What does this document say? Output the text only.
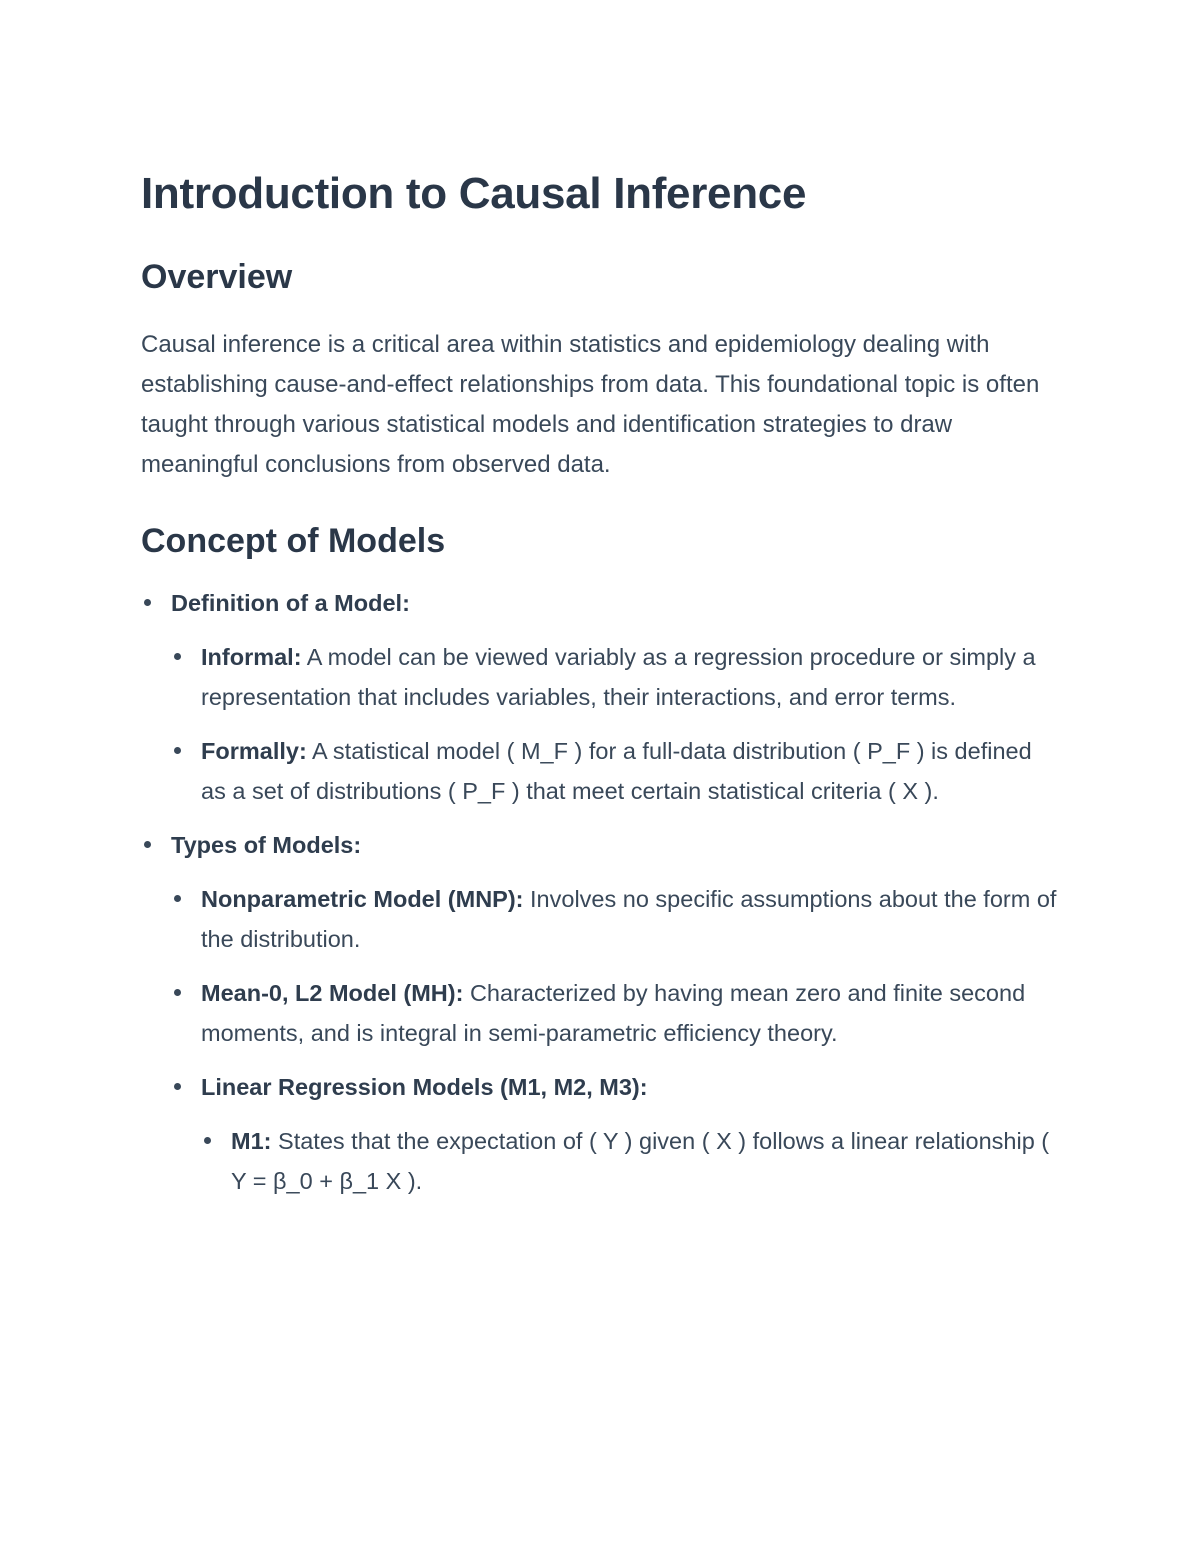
Introduction to Causal Inference
Overview

Causal inference is a critical area within statistics and epidemiology dealing with establishing cause-and-effect relationships from data. This foundational topic is often taught through various statistical models and identification strategies to draw meaningful conclusions from observed data.

Concept of Models
Definition of a Model:
Informal: A model can be viewed variably as a regression procedure or simply a representation that includes variables, their interactions, and error terms.
Formally: A statistical model ( M_F ) for a full-data distribution ( P_F ) is defined as a set of distributions ( P_F ) that meet certain statistical criteria ( X ).
Types of Models:
Nonparametric Model (MNP): Involves no specific assumptions about the form of the distribution.
Mean-0, L2 Model (MH): Characterized by having mean zero and finite second moments, and is integral in semi-parametric efficiency theory.
Linear Regression Models (M1, M2, M3):
M1: States that the expectation of ( Y ) given ( X ) follows a linear relationship ( Y = β_0 + β_1 X ).
